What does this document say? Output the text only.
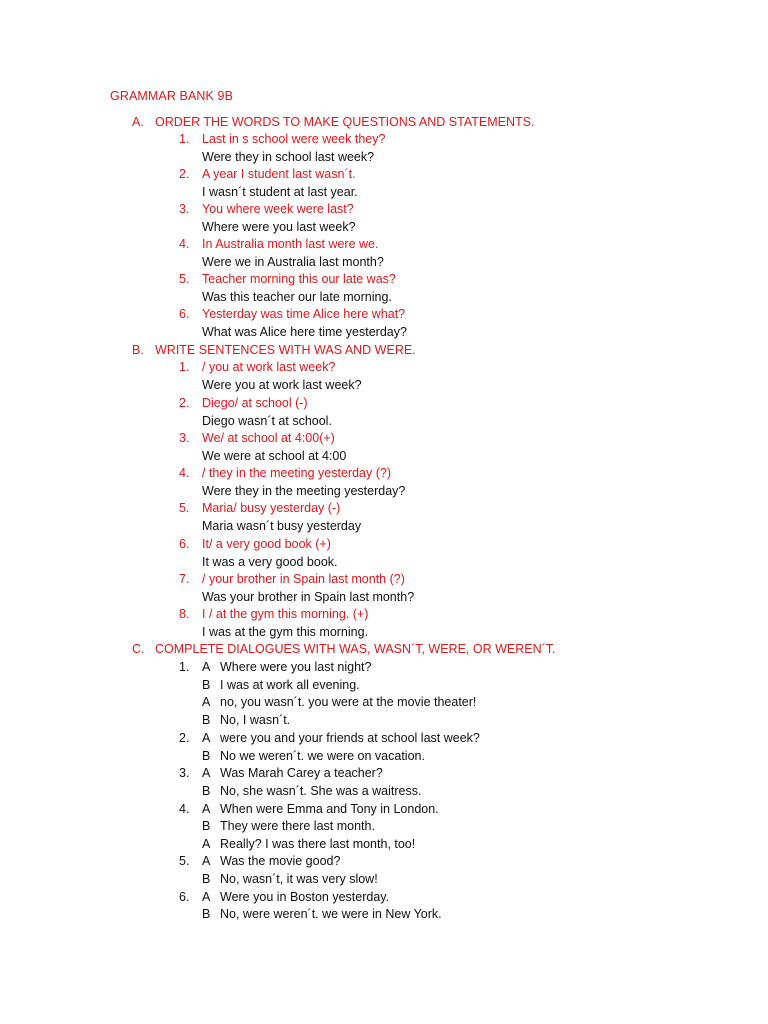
GRAMMAR BANK 9B
A. ORDER THE WORDS TO MAKE QUESTIONS AND STATEMENTS.
1. Last in s school were week they?
Were they in school last week?
2. A year I student last wasn´t.
I wasn´t student at last year.
3. You where week were last?
Where were you last week?
4. In Australia month last were we.
Were we in Australia last month?
5. Teacher morning this our late was?
Was this teacher our late morning.
6. Yesterday was time Alice here what?
What was Alice here time yesterday?
B. WRITE SENTENCES WITH WAS AND WERE.
1. / you at work last week?
Were you at work last week?
2. Diego/ at school (-)
Diego wasn´t at school.
3. We/ at school at 4:00(+)
We were at school at 4:00
4. / they in the meeting yesterday (?)
Were they in the meeting yesterday?
5. Maria/ busy yesterday (-)
Maria wasn´t busy yesterday
6. It/ a very good book (+)
It was a very good book.
7. / your brother in Spain last month (?)
Was your brother in Spain last month?
8. I / at the gym this morning. (+)
I was at the gym this morning.
C. COMPLETE DIALOGUES WITH WAS, WASN´T, WERE, OR WEREN´T.
1. A Where were you last night?
B I was at work all evening.
A no, you wasn´t. you were at the movie theater!
B No, I wasn´t.
2. A were you and your friends at school last week?
B No we weren´t. we were on vacation.
3. A Was Marah Carey a teacher?
B No, she wasn´t. She was a waitress.
4. A When were Emma and Tony in London.
B They were there last month.
A Really? I was there last month, too!
5. A Was the movie good?
B No, wasn´t, it was very slow!
6. A Were you in Boston yesterday.
B No, were weren´t. we were in New York.
